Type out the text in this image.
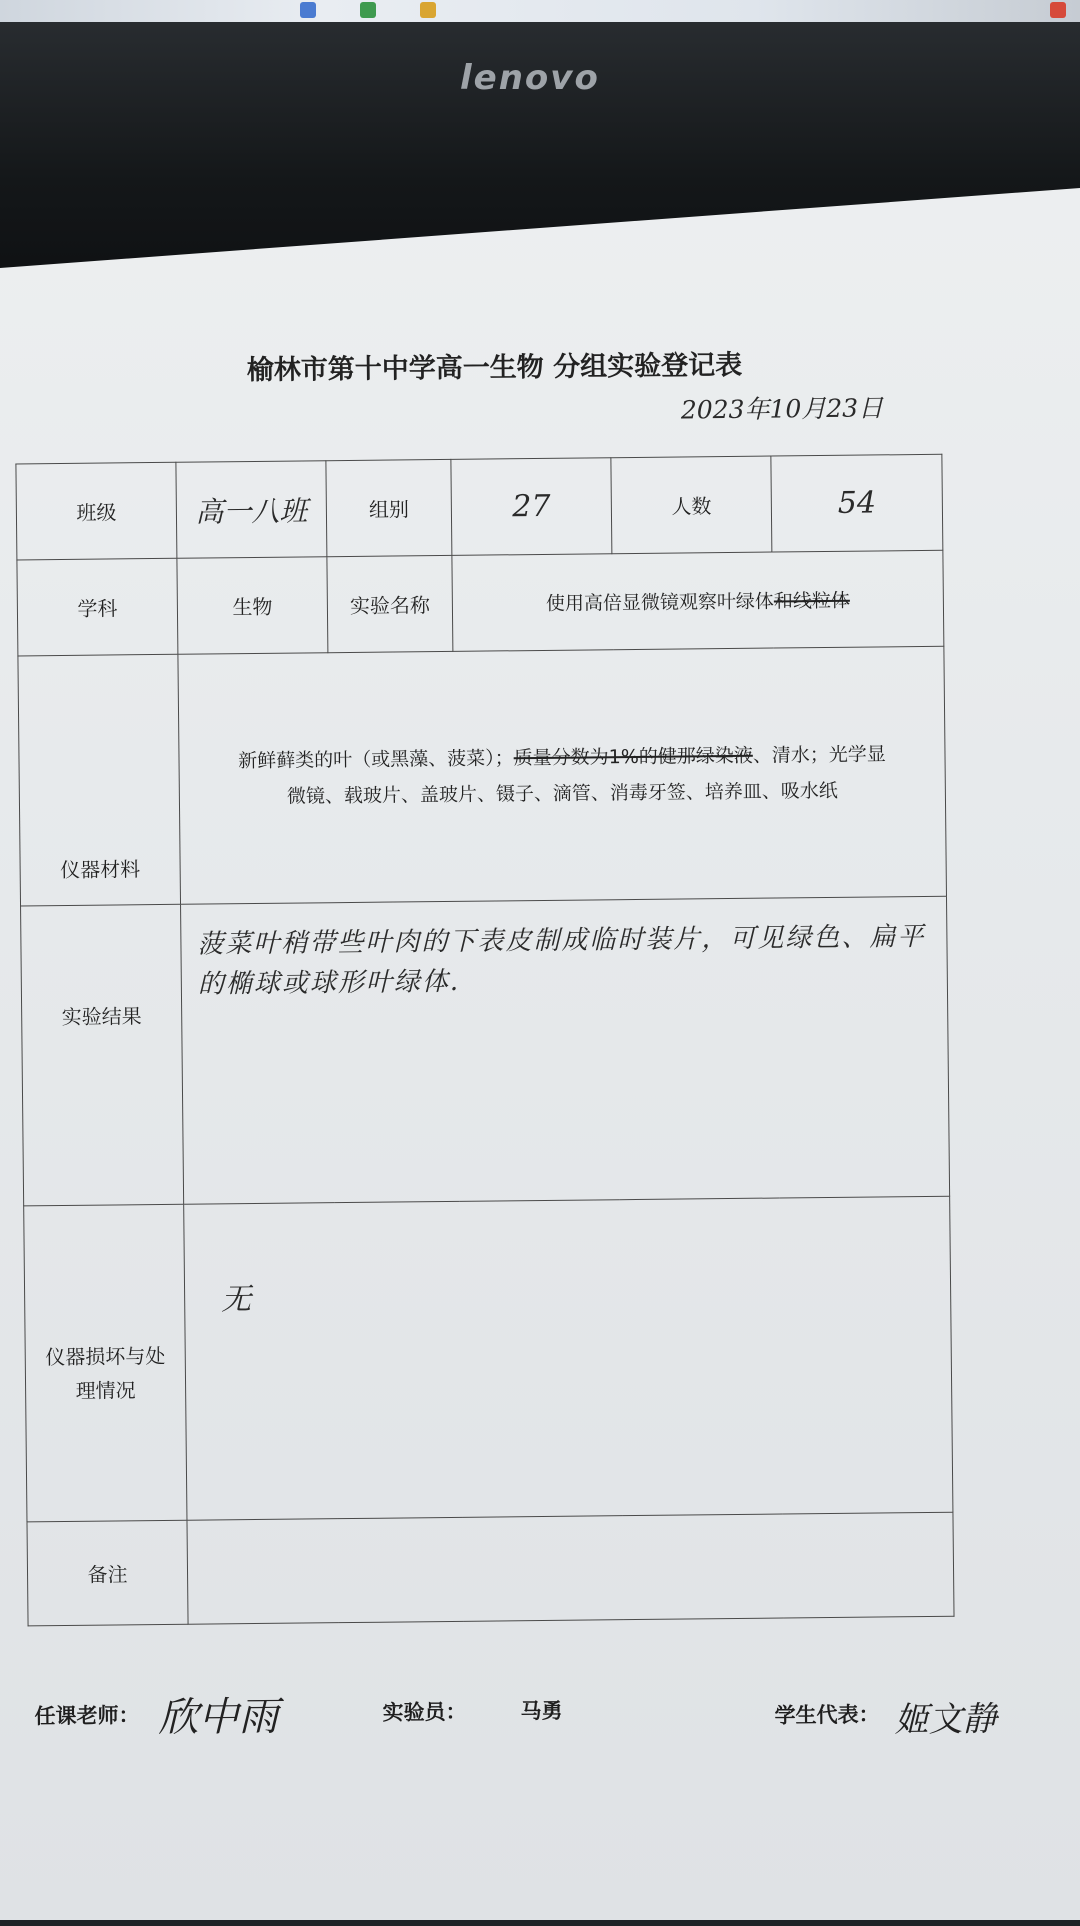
lenovo
榆林市第十中学高一生物 分组实验登记表
2023年10月23日
班级	高一八班	组别	27	人数	54
学科	生物	实验名称	使用高倍显微镜观察叶绿体和线粒体		
仪器材料	新鲜藓类的叶（或黑藻、菠菜）；质量分数为1%的健那绿染液、清水；光学显
微镜、载玻片、盖玻片、镊子、滴管、消毒牙签、培养皿、吸水纸				
实验结果	菠菜叶稍带些叶肉的下表皮制成临时装片，可见绿色、扁平
的椭球或球形叶绿体.				

仪器损坏与处
理情况	无				
备注					
任课老师： 欣中雨	实验员：	马勇	学生代表： 姬文静
